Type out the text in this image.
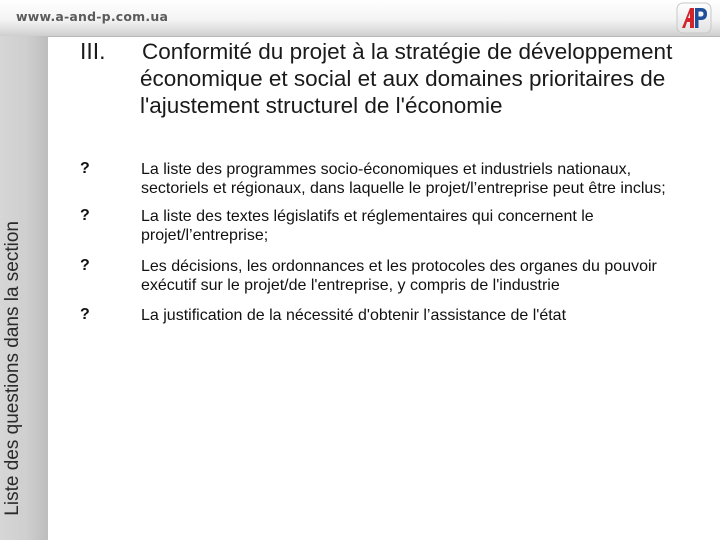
www.a-and-p.com.ua
Liste des questions dans la section
III. Conformité du projet à la stratégie de développement économique et social et aux domaines prioritaires de l'ajustement structurel de l'économie
?	La liste des programmes socio-économiques et industriels nationaux, sectoriels et régionaux, dans laquelle le projet/l’entreprise peut être inclus;
?	La liste des textes législatifs et réglementaires qui concernent le projet/l’entreprise;
?	Les décisions, les ordonnances et les protocoles des organes du pouvoir exécutif sur le projet/de l'entreprise, y compris de l'industrie
?	La justification de la nécessité d'obtenir l’assistance de l'état
